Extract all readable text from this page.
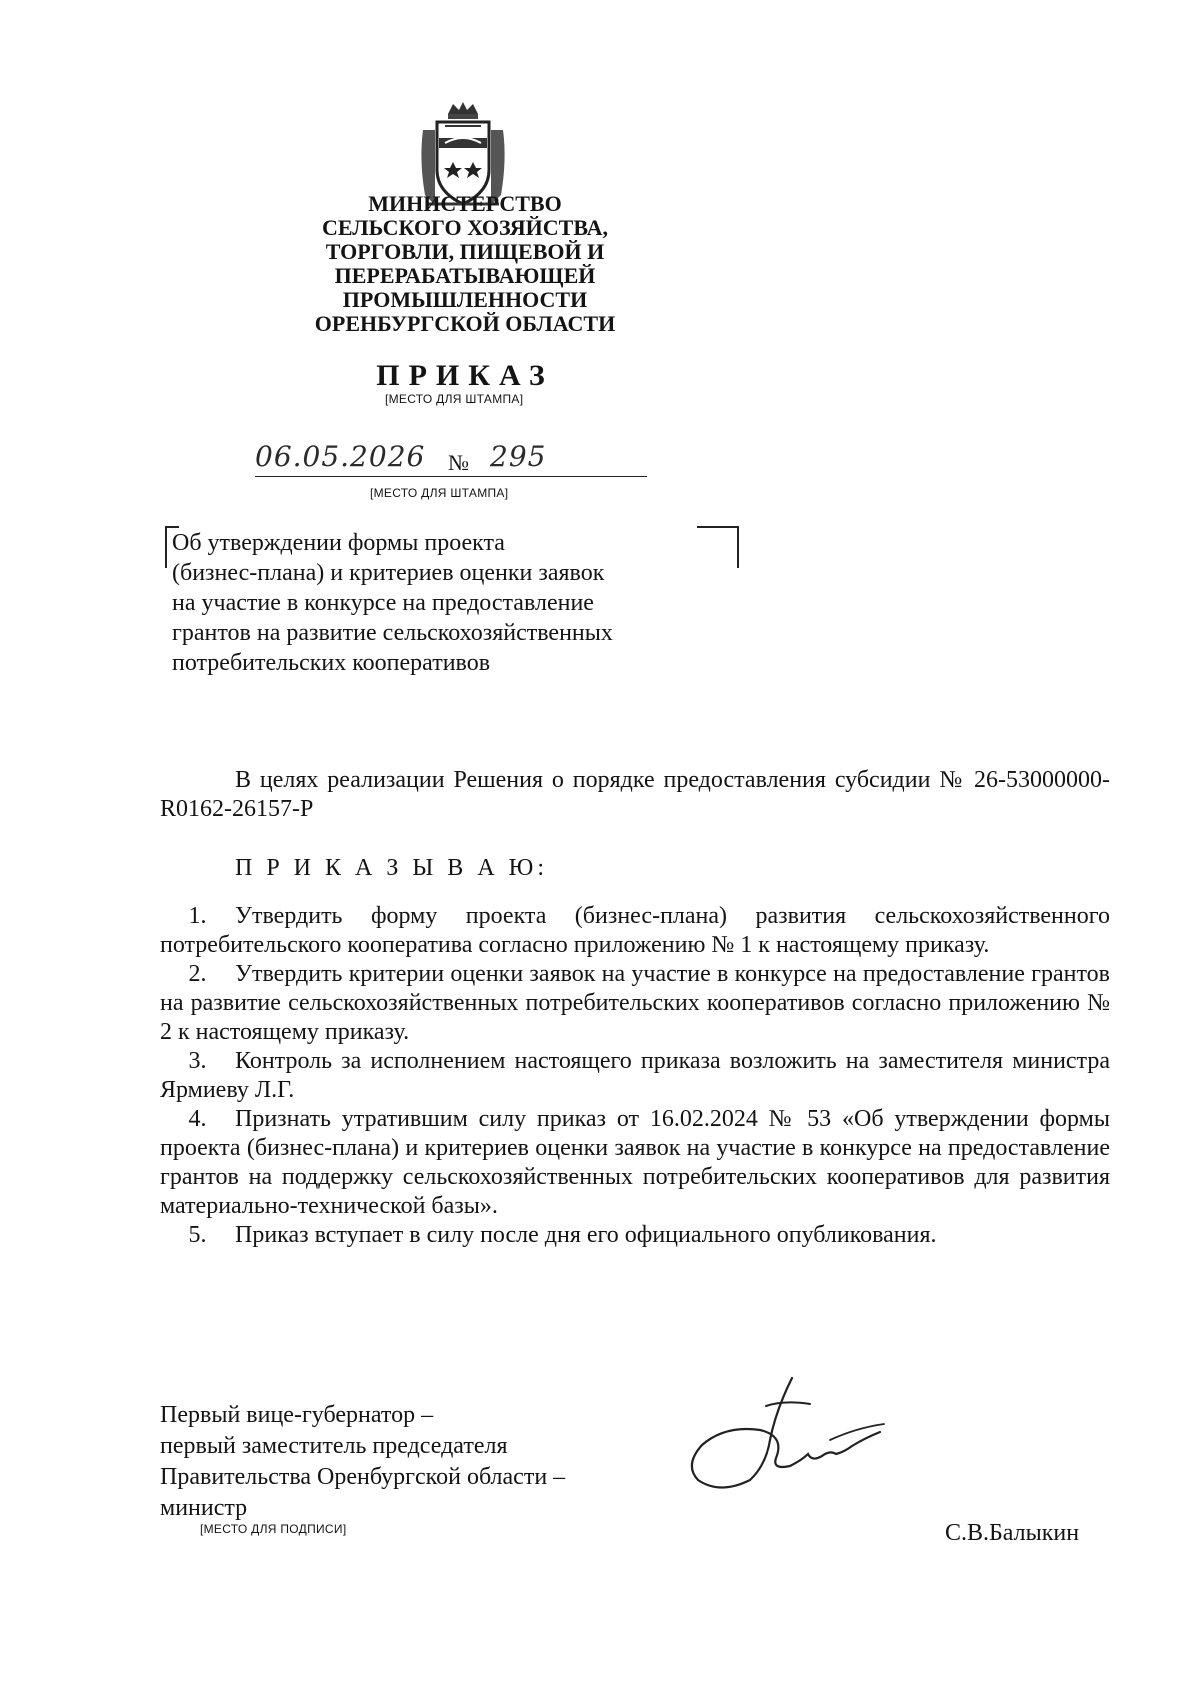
МИНИСТЕРСТВО
СЕЛЬСКОГО ХОЗЯЙСТВА,
ТОРГОВЛИ, ПИЩЕВОЙ И
ПЕРЕРАБАТЫВАЮЩЕЙ
ПРОМЫШЛЕННОСТИ
ОРЕНБУРГСКОЙ ОБЛАСТИ
ПРИКАЗ
[МЕСТО ДЛЯ ШТАМПА]
06.05.2026 № 295
[МЕСТО ДЛЯ ШТАМПА]
Об утверждении формы проекта
(бизнес-плана) и критериев оценки заявок
на участие в конкурсе на предоставление
грантов на развитие сельскохозяйственных
потребительских кооперативов
В целях реализации Решения о порядке предоставления субсидии № 26-53000000-R0162-26157-Р
П Р И К А З Ы В А Ю:

1. Утвердить форму проекта (бизнес-плана) развития сельскохозяйственного потребительского кооператива согласно приложению № 1 к настоящему приказу.

2. Утвердить критерии оценки заявок на участие в конкурсе на предоставление грантов на развитие сельскохозяйственных потребительских кооперативов согласно приложению № 2 к настоящему приказу.

3. Контроль за исполнением настоящего приказа возложить на заместителя министра Ярмиеву Л.Г.

4. Признать утратившим силу приказ от 16.02.2024 № 53 «Об утверждении формы проекта (бизнес-плана) и критериев оценки заявок на участие в конкурсе на предоставление грантов на поддержку сельскохозяйственных потребительских кооперативов для развития материально-технической базы».

5. Приказ вступает в силу после дня его официального опубликования.

Первый вице-губернатор –
первый заместитель председателя
Правительства Оренбургской области –
министр
[МЕСТО ДЛЯ ПОДПИСИ]	С.В.Балыкин
